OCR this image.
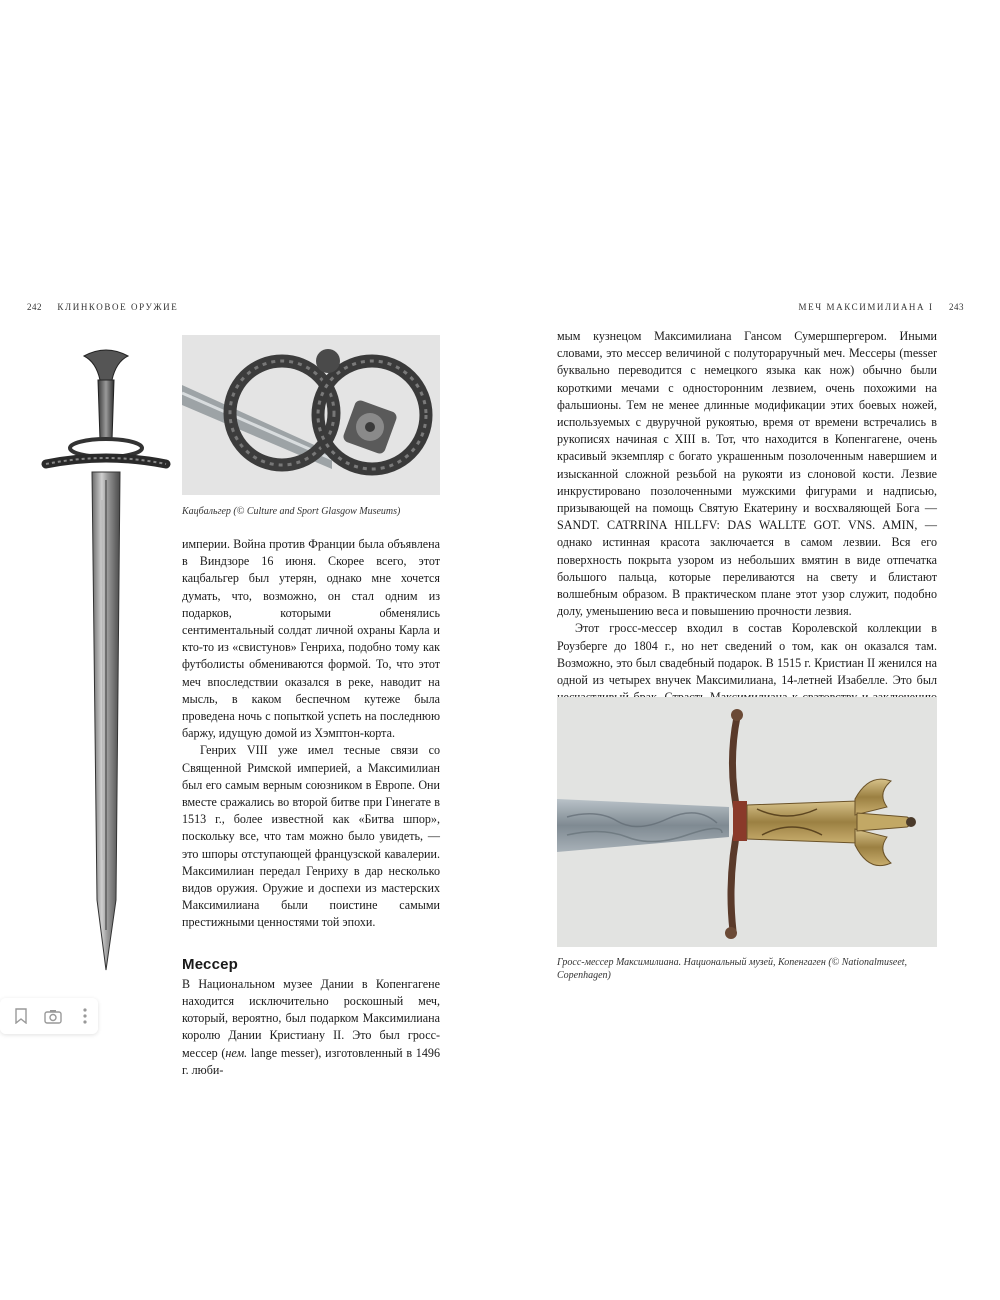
242 КЛИНКОВОЕ ОРУЖИЕ	МЕЧ МАКСИМИЛИАНА I 243
Кацбальгер (© Culture and Sport Glasgow Museums)

империи. Война против Франции была объявлена в Виндзоре 16 июня. Скорее всего, этот кацбальгер был утерян, однако мне хочется думать, что, возможно, он стал одним из подарков, которыми обменялись сентиментальный солдат личной охраны Карла и кто-то из «свистунов» Генриха, подобно тому как футболисты обмениваются формой. То, что этот меч впоследствии оказался в реке, наводит на мысль, в каком беспечном кутеже была проведена ночь с попыткой успеть на последнюю баржу, идущую домой из Хэмптон-корта.

Генрих VIII уже имел тесные связи со Священной Римской империей, а Максимилиан был его самым верным союзником в Европе. Они вместе сражались во второй битве при Гинегате в 1513 г., более известной как «Битва шпор», поскольку все, что там можно было увидеть, — это шпоры отступающей французской кавалерии. Максимилиан передал Генриху в дар несколько видов оружия. Оружие и доспехи из мастерских Максимилиана были поистине самыми престижными ценностями той эпохи.

Мессер

В Национальном музее Дании в Копенгагене находится исключительно роскошный меч, который, вероятно, был подарком Максимилиана королю Дании Кристиану II. Это был гросс-мессер (нем. lange messer), изготовленный в 1496 г. люби-

мым кузнецом Максимилиана Гансом Сумершпергером. Иными словами, это мессер величиной с полутораручный меч. Мессеры (messer буквально переводится с немецкого языка как нож) обычно были короткими мечами с односторонним лезвием, очень похожими на фальшионы. Тем не менее длинные модификации этих боевых ножей, используемых с двуручной рукоятью, время от времени встречались в рукописях начиная с XIII в. Тот, что находится в Копенгагене, очень красивый экземпляр с богато украшенным позолоченным навершием и изысканной сложной резьбой на рукояти из слоновой кости. Лезвие инкрустировано позолоченными мужскими фигурами и надписью, призывающей на помощь Святую Екатерину и восхваляющей Бога — SANDT. CATRRINA HILLFV: DAS WALLTE GOT. VNS. AMIN, — однако истинная красота заключается в самом лезвии. Вся его поверхность покрыта узором из небольших вмятин в виде отпечатка большого пальца, которые переливаются на свету и блистают волшебным образом. В практическом плане этот узор служит, подобно долу, уменьшению веса и повышению прочности лезвия.

Этот гросс-мессер входил в состав Королевской коллекции в Роузберге до 1804 г., но нет сведений о том, как он оказался там. Возможно, это был свадебный подарок. В 1515 г. Кристиан II женился на одной из четырех внучек Максимилиана, 14-летней Изабелле. Это был

Гросс-мессер Максимилиана. Национальный музей, Копенгаген (© Nationalmuseet, Copenhagen)
